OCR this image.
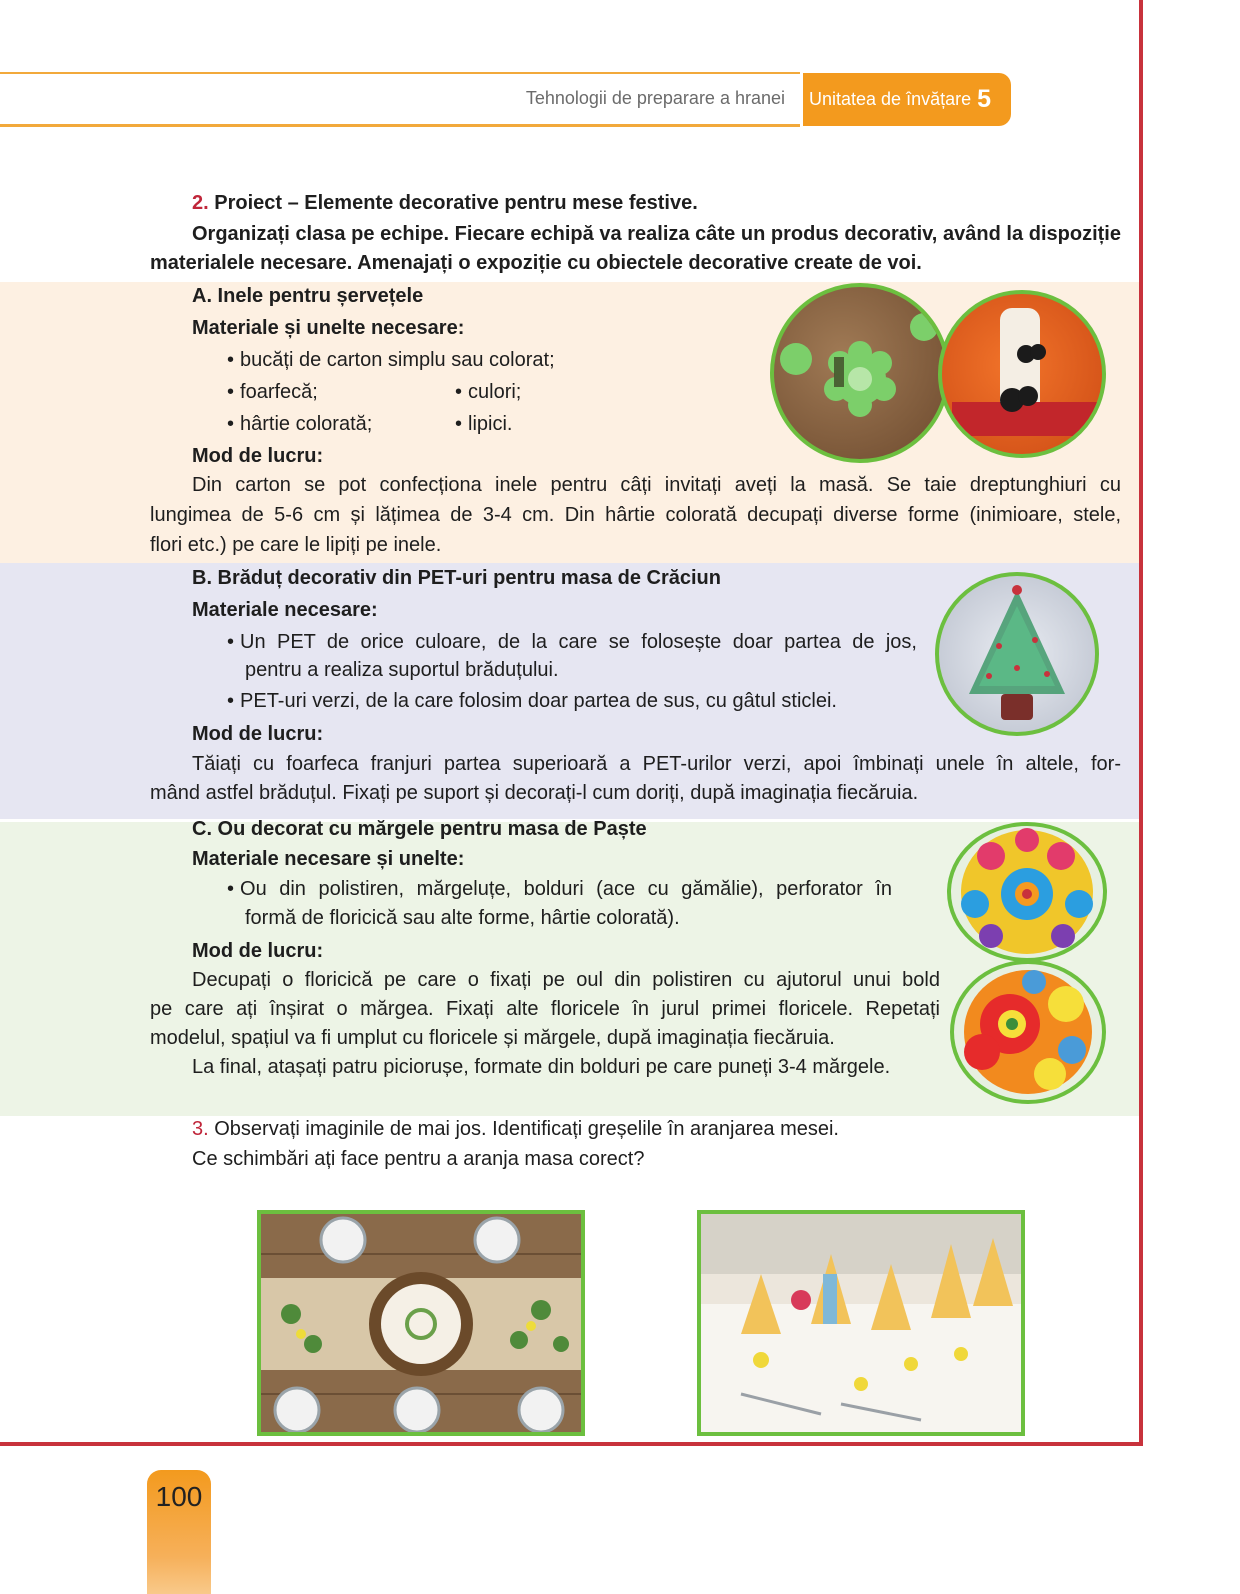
Tehnologii de preparare a hranei Unitatea de învățare 5
2. Proiect – Elemente decorative pentru mese festive.
Organizați clasa pe echipe. Fiecare echipă va realiza câte un produs decorativ, având la dispoziție
materialele necesare. Amenajați o expoziție cu obiectele decorative create de voi.
A. Inele pentru șervețele
Materiale și unelte necesare:
• bucăți de carton simplu sau colorat;
• foarfecă;	• culori;
• hârtie colorată;	• lipici.
Mod de lucru:
Din carton se pot confecționa inele pentru câți invitați aveți la masă. Se taie dreptunghiuri cu
lungimea de 5-6 cm și lățimea de 3-4 cm. Din hârtie colorată decupați diverse forme (inimioare, stele,
flori etc.) pe care le lipiți pe inele.
B. Brăduț decorativ din PET-uri pentru masa de Crăciun
Materiale necesare:
• Un PET de orice culoare, de la care se folosește doar partea de jos,
pentru a realiza suportul brăduțului.
• PET-uri verzi, de la care folosim doar partea de sus, cu gâtul sticlei.
Mod de lucru:
Tăiați cu foarfeca franjuri partea superioară a PET-urilor verzi, apoi îmbinați unele în altele, for-
mând astfel brăduțul. Fixați pe suport și decorați-l cum doriți, după imaginația fiecăruia.
C. Ou decorat cu mărgele pentru masa de Paște
Materiale necesare și unelte:
• Ou din polistiren, mărgeluțe, bolduri (ace cu gămălie), perforator în
formă de floricică sau alte forme, hârtie colorată).
Mod de lucru:
Decupați o floricică pe care o fixați pe oul din polistiren cu ajutorul unui bold
pe care ați înșirat o mărgea. Fixați alte floricele în jurul primei floricele. Repetați
modelul, spațiul va fi umplut cu floricele și mărgele, după imaginația fiecăruia.
La final, atașați patru piciorușe, formate din bolduri pe care puneți 3-4 mărgele.
3. Observați imaginile de mai jos. Identificați greșelile în aranjarea mesei.
Ce schimbări ați face pentru a aranja masa corect?
100
